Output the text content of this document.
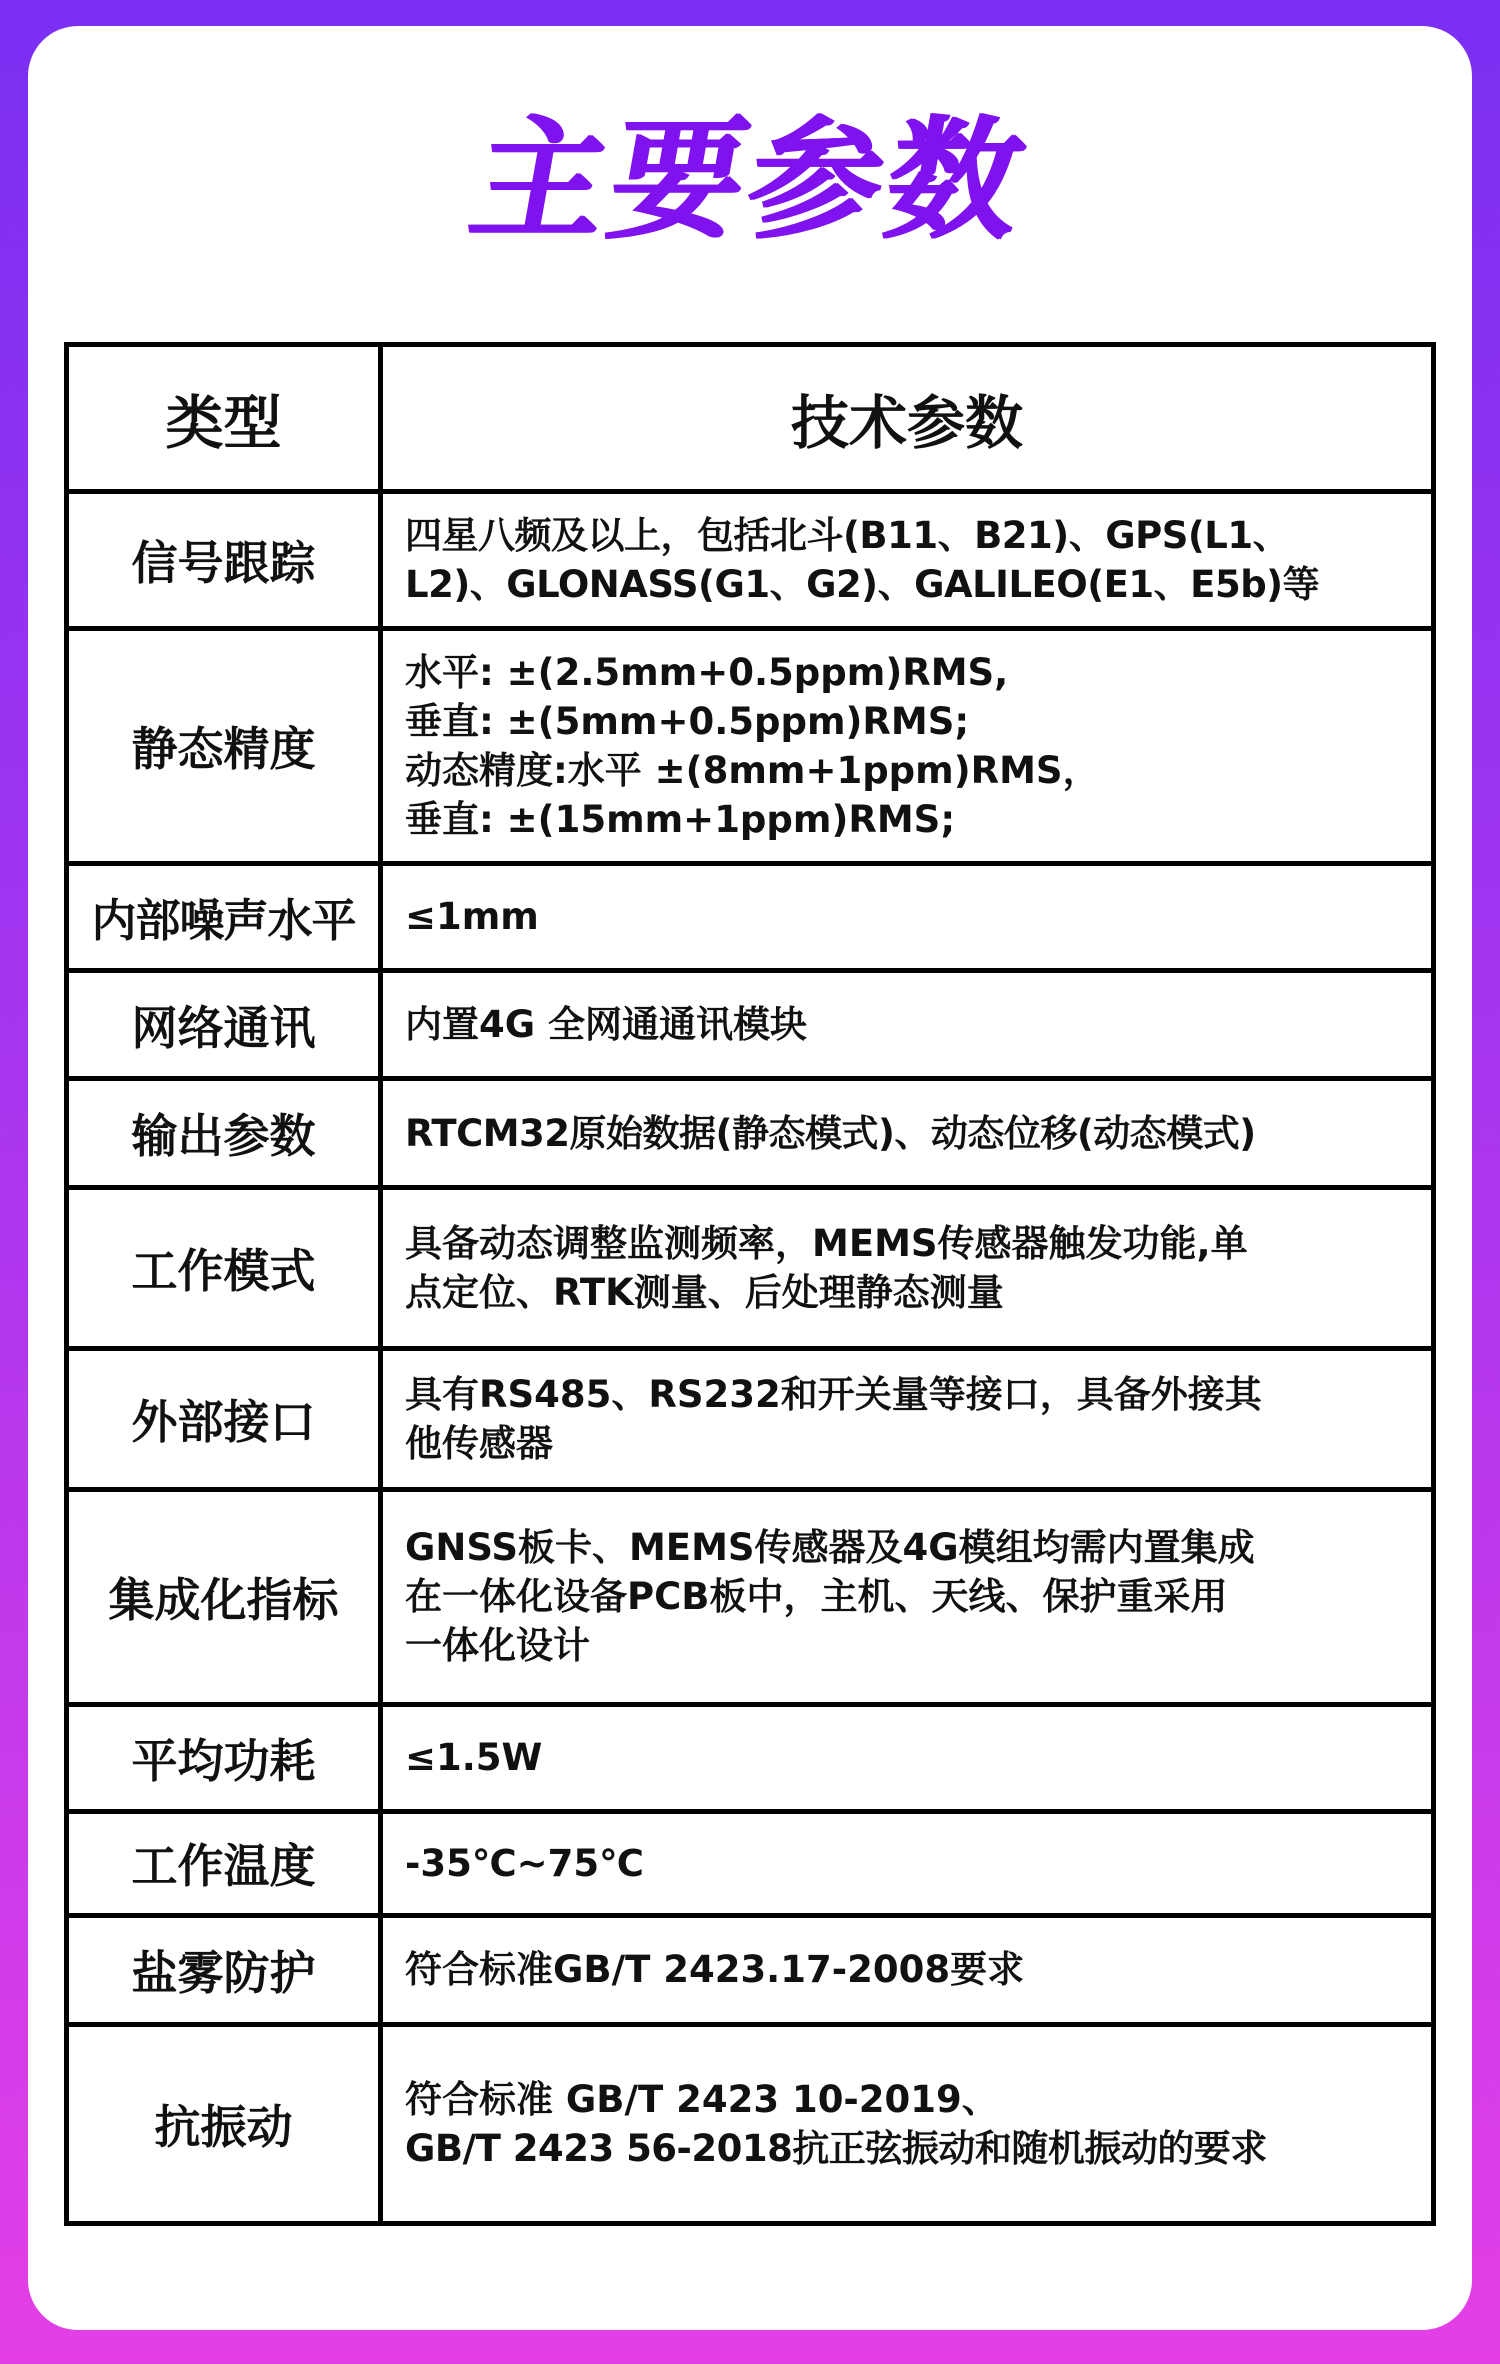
主要参数
类型	技术参数
信号跟踪	四星八频及以上，包括北斗(B11、B21)、GPS(L1、
L2)、GLONASS(G1、G2)、GALILEO(E1、E5b)等

静态精度	水平: ±(2.5mm+0.5ppm)RMS,
垂直: ±(5mm+0.5ppm)RMS;
动态精度:水平 ±(8mm+1ppm)RMS，
垂直: ±(15mm+1ppm)RMS;

内部噪声水平	≤1mm

网络通讯	内置4G 全网通通讯模块

输出参数	RTCM32原始数据(静态模式)、动态位移(动态模式)

工作模式	具备动态调整监测频率，MEMS传感器触发功能,单
点定位、RTK测量、后处理静态测量

外部接口	具有RS485、RS232和开关量等接口，具备外接其
他传感器

集成化指标	GNSS板卡、MEMS传感器及4G模组均需内置集成
在一体化设备PCB板中，主机、天线、保护重采用
一体化设计

平均功耗	≤1.5W

工作温度	-35℃~75℃

盐雾防护	符合标准GB/T 2423.17-2008要求

抗振动	符合标准 GB/T 2423 10-2019、
GB/T 2423 56-2018抗正弦振动和随机振动的要求
